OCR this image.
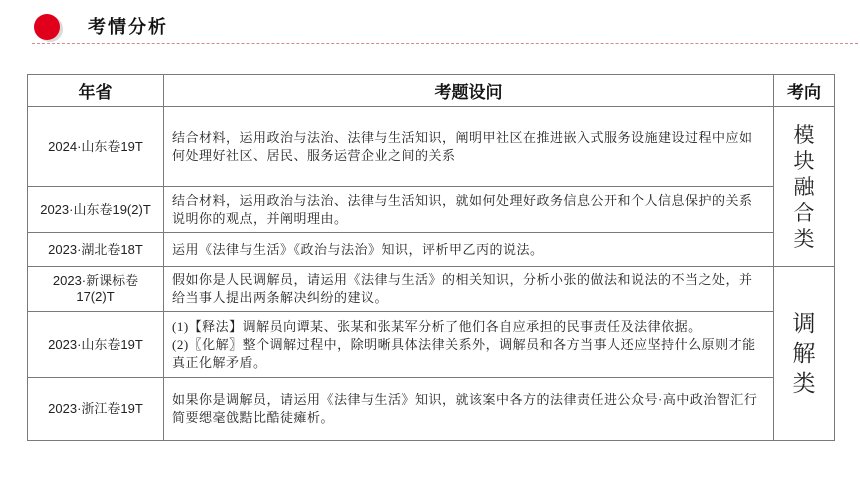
考情分析
年省	考题设问	考向
2024·山东卷19T	结合材料，运用政治与法治、法律与生活知识，阐明甲社区在推进嵌入式服务设施建设过程中应如何处理好社区、居民、服务运营企业之间的关系	模块融合类
2023·山东卷19(2)T	结合材料，运用政治与法治、法律与生活知识，就如何处理好政务信息公开和个人信息保护的关系说明你的观点，并阐明理由。	

2023·湖北卷18T	运用《法律与生活》《政治与法治》知识，评析甲乙丙的说法。	

2023·新课标卷17(2)T	假如你是人民调解员，请运用《法律与生活》的相关知识，分析小张的做法和说法的不当之处，并给当事人提出两条解决纠纷的建议。	调解类
2023·山东卷19T	(1)【释法】调解员向谭某、张某和张某军分析了他们各自应承担的民事责任及法律依据。
(2)〖化解〗整个调解过程中，除明晰具体法律关系外，调解员和各方当事人还应坚持什么原则才能真正化解矛盾。	

2023·浙江卷19T	如果你是调解员，请运用《法律与生活》知识，就该案中各方的法律责任进公众号·高中政治智汇行简要缌毫戗黠比酷徒瘫析。	
